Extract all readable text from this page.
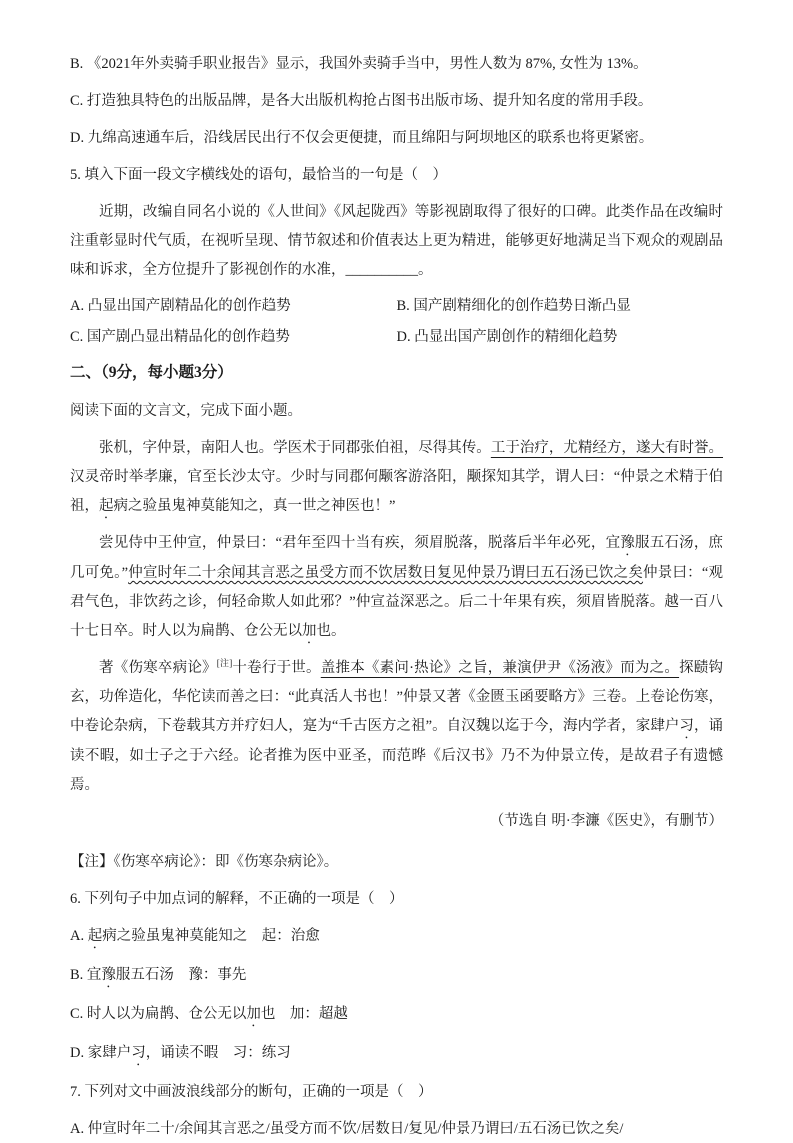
B. 《2021年外卖骑手职业报告》显示，我国外卖骑手当中，男性人数为 87%, 女性为 13%。
C. 打造独具特色的出版品牌，是各大出版机构抢占图书出版市场、提升知名度的常用手段。
D. 九绵高速通车后，沿线居民出行不仅会更便捷，而且绵阳与阿坝地区的联系也将更紧密。
5. 填入下面一段文字横线处的语句，最恰当的一句是（　）
近期，改编自同名小说的《人世间》《风起陇西》等影视剧取得了很好的口碑。此类作品在改编时注重彰显时代气质，在视听呈现、情节叙述和价值表达上更为精进，能够更好地满足当下观众的观剧品味和诉求，全方位提升了影视创作的水准，__________。
A. 凸显出国产剧精品化的创作趋势	B. 国产剧精细化的创作趋势日渐凸显
C. 国产剧凸显出精品化的创作趋势	D. 凸显出国产剧创作的精细化趋势
二、（9分，每小题3分）
阅读下面的文言文，完成下面小题。
张机，字仲景，南阳人也。学医术于同郡张伯祖，尽得其传。工于治疗，尤精经方，遂大有时誉。汉灵帝时举孝廉，官至长沙太守。少时与同郡何颙客游洛阳，颙探知其学，谓人曰：“仲景之术精于伯祖，起病之验虽鬼神莫能知之，真一世之神医也！”
尝见侍中王仲宣，仲景曰：“君年至四十当有疾，须眉脱落，脱落后半年必死，宜豫服五石汤，庶几可免。”仲宣时年二十余闻其言恶之虽受方而不饮居数日复见仲景乃谓曰五石汤已饮之矣仲景曰：“观君气色，非饮药之诊，何轻命欺人如此邪？”仲宣益深恶之。后二十年果有疾，须眉皆脱落。越一百八十七日卒。时人以为扁鹊、仓公无以加也。
著《伤寒卒病论》[注]十卷行于世。盖推本《素问·热论》之旨，兼演伊尹《汤液》而为之。探赜钩玄，功侔造化，华佗读而善之曰：“此真活人书也！”仲景又著《金匮玉函要略方》三卷。上卷论伤寒，中卷论杂病，下卷载其方并疗妇人，寔为“千古医方之祖”。自汉魏以迄于今，海内学者，家肆户习，诵读不暇，如士子之于六经。论者推为医中亚圣，而范晔《后汉书》乃不为仲景立传，是故君子有遗憾焉。
（节选自 明·李濂《医史》，有删节）
【注】《伤寒卒病论》：即《伤寒杂病论》。
6. 下列句子中加点词的解释，不正确的一项是（　）
A. 起病之验虽鬼神莫能知之　起：治愈
B. 宜豫服五石汤　豫：事先
C. 时人以为扁鹊、仓公无以加也　加：超越
D. 家肆户习，诵读不暇　习：练习
7. 下列对文中画波浪线部分的断句，正确的一项是（　）
A. 仲宣时年二十/余闻其言恶之/虽受方而不饮/居数日/复见/仲景乃谓曰/五石汤已饮之矣/
